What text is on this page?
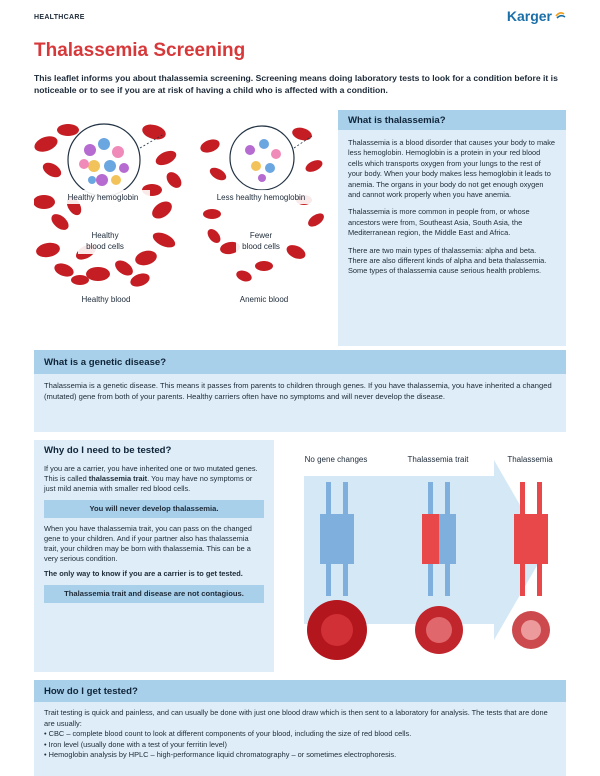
HEALTHCARE	Karger
Thalassemia Screening
This leaflet informs you about thalassemia screening. Screening means doing laboratory tests to look for a condition before it is noticeable or to see if you are at risk of having a child who is affected with a condition.
Healthy hemoglobin
Healthy
blood cells
Healthy blood
Less healthy hemoglobin
Fewer
blood cells
Anemic blood
What is thalassemia?

Thalassemia is a blood disorder that causes your body to make less hemoglobin. Hemoglobin is a protein in your red blood cells which transports oxygen from your lungs to the rest of your body. When your body makes less hemoglobin it leads to anemia. The organs in your body do not get enough oxygen and cannot work properly when you have anemia.

Thalassemia is more common in people from, or whose ancestors were from, Southeast Asia, South Asia, the Mediterranean region, the Middle East and Africa.

There are two main types of thalassemia: alpha and beta. There are also different kinds of alpha and beta thalassemia. Some types of thalassemia cause serious health problems.

What is a genetic disease?
Thalassemia is a genetic disease. This means it passes from parents to children through genes. If you have thalassemia, you have inherited a changed (mutated) gene from both of your parents. Healthy carriers often have no symptoms and will never develop the disease.
Why do I need to be tested?

If you are a carrier, you have inherited one or two mutated genes. This is called thalassemia trait. You may have no symptoms or just mild anemia with smaller red blood cells.

You will never develop thalassemia.

When you have thalassemia trait, you can pass on the changed gene to your children. And if your partner also has thalassemia trait, your children may be born with thalassemia. This can be a very serious condition.

The only way to know if you are a carrier is to get tested.

Thalassemia trait and disease are not contagious.
No gene changes	Thalassemia trait	Thalassemia
How do I get tested?

Trait testing is quick and painless, and can usually be done with just one blood draw which is then sent to a laboratory for analysis. The tests that are done are usually:

• CBC – complete blood count to look at different components of your blood, including the size of red blood cells.
• Iron level (usually done with a test of your ferritin level)
• Hemoglobin analysis by HPLC – high-performance liquid chromatography – or sometimes electrophoresis.
